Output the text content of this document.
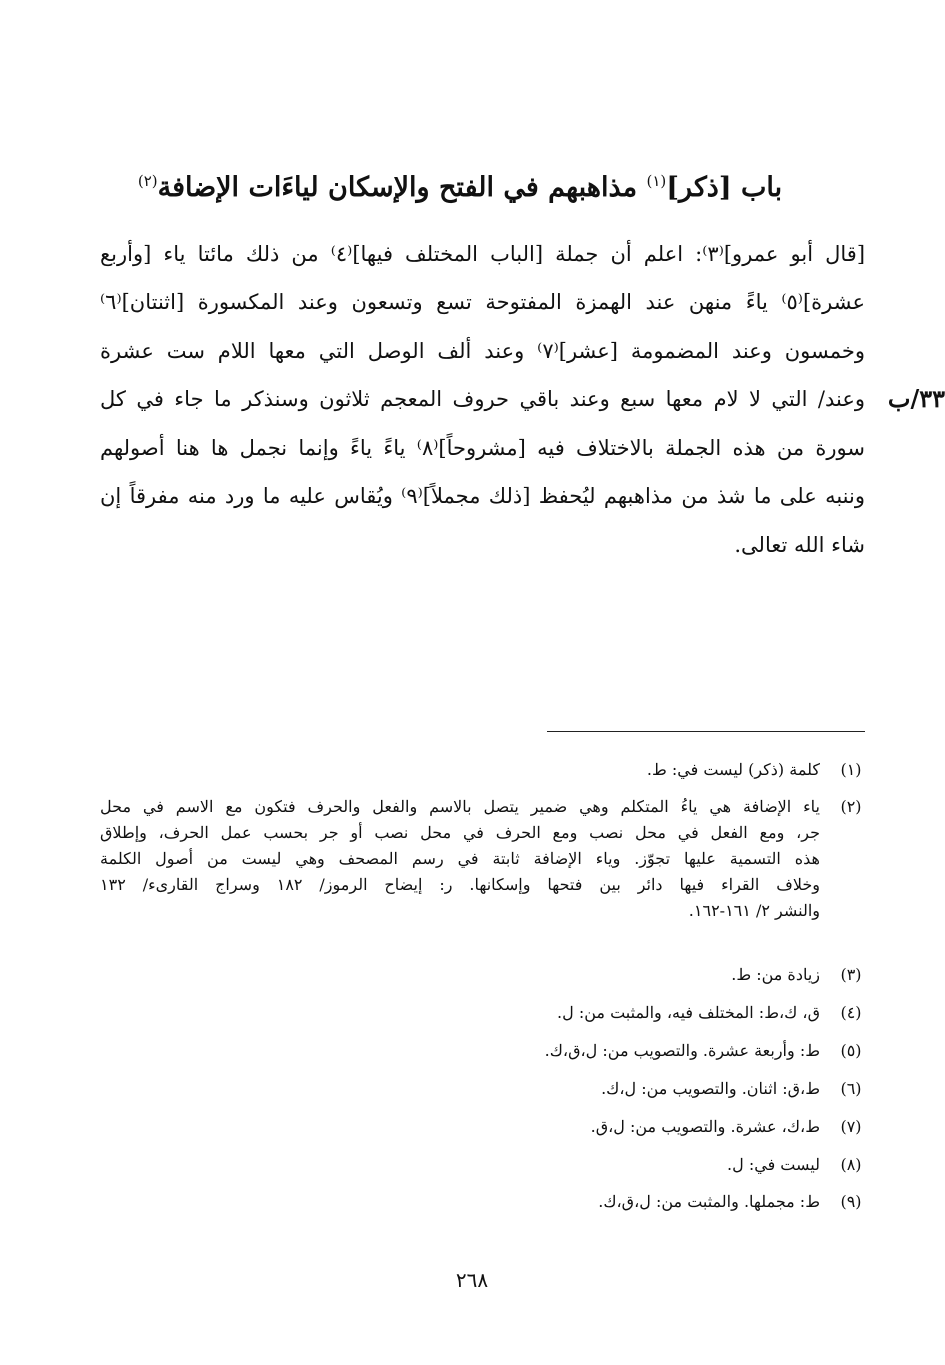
باب [ذكر]$^{(١)}$ مذاهبهم في الفتح والإسكان لياءَات الإضافة$^{(٢)}$
٣٣/ب
[قال أبو عمرو]⁽٣⁾: اعلم أن جملة [الباب المختلف فيها]⁽٤⁾ من ذلك مائتا ياء [وأربع
عشرة]⁽٥⁾ ياءً منهن عند الهمزة المفتوحة تسع وتسعون وعند المكسورة [اثنتان]⁽٦⁾
وخمسون وعند المضمومة [عشر]⁽٧⁾ وعند ألف الوصل التي معها اللام ست عشرة
وعند/ التي لا لام معها سبع وعند باقي حروف المعجم ثلاثون وسنذكر ما جاء في كل
سورة من هذه الجملة بالاختلاف فيه [مشروحاً]⁽٨⁾ ياءً ياءً وإنما نجمل ها هنا أصولهم
وننبه على ما شذ من مذاهبهم ليُحفظ [ذلك مجملاً]⁽٩⁾ ويُقاس عليه ما ورد منه مفرقاً إن
شاء الله تعالى.
(١)
كلمة (ذكر) ليست في: ط.
(٢)
ياء الإضافة هي ياءُ المتكلم وهي ضمير يتصل بالاسم والفعل والحرف فتكون مع الاسم في محل
جر، ومع الفعل في محل نصب ومع الحرف في محل نصب أو جر بحسب عمل الحرف، وإطلاق
هذه التسمية عليها تجوّز. وياء الإضافة ثابتة في رسم المصحف وهي ليست من أصول الكلمة
وخلاف القراء فيها دائر بين فتحها وإسكانها. ر: إيضاح الرموز/ ١٨٢ وسراج القارىء/ ١٣٢
والنشر ٢/ ١٦١-١٦٢.
(٣)
زيادة من: ط.
(٤)
ق، ك،ط: المختلف فيه، والمثبت من: ل.
(٥)
ط: وأربعة عشرة. والتصويب من: ل،ق،ك.
(٦)
ط،ق: اثنان. والتصويب من: ل،ك.
(٧)
ط،ك، عشرة. والتصويب من: ل،ق.
(٨)
ليست في: ل.
(٩)
ط: مجملها. والمثبت من: ل،ق،ك.
٢٦٨
